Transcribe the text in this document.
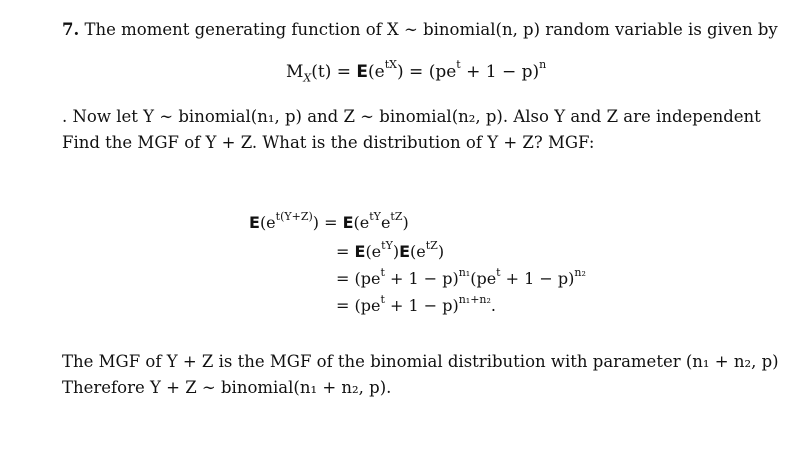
7. The moment generating function of X ∼ binomial(n, p) random variable is given by
$M_X(t) = E(e^{tX}) = (pe^t + 1 - p)^n$
. Now let Y ∼ binomial(n₁, p) and Z ∼ binomial(n₂, p). Also Y and Z are independent
Find the MGF of Y + Z. What is the distribution of Y + Z? MGF:
$E(e^{t(Y+Z)}) = E(e^{tY}e^{tZ})$
= $E(e^{tY})E(e^{tZ})$
= $(pe^t + 1 - p)^{n_1}(pe^t + 1 - p)^{n_2}$
= $(pe^t + 1 - p)^{n_1+n_2}$.
The MGF of Y + Z is the MGF of the binomial distribution with parameter (n₁ + n₂, p)
Therefore Y + Z ∼ binomial(n₁ + n₂, p).
